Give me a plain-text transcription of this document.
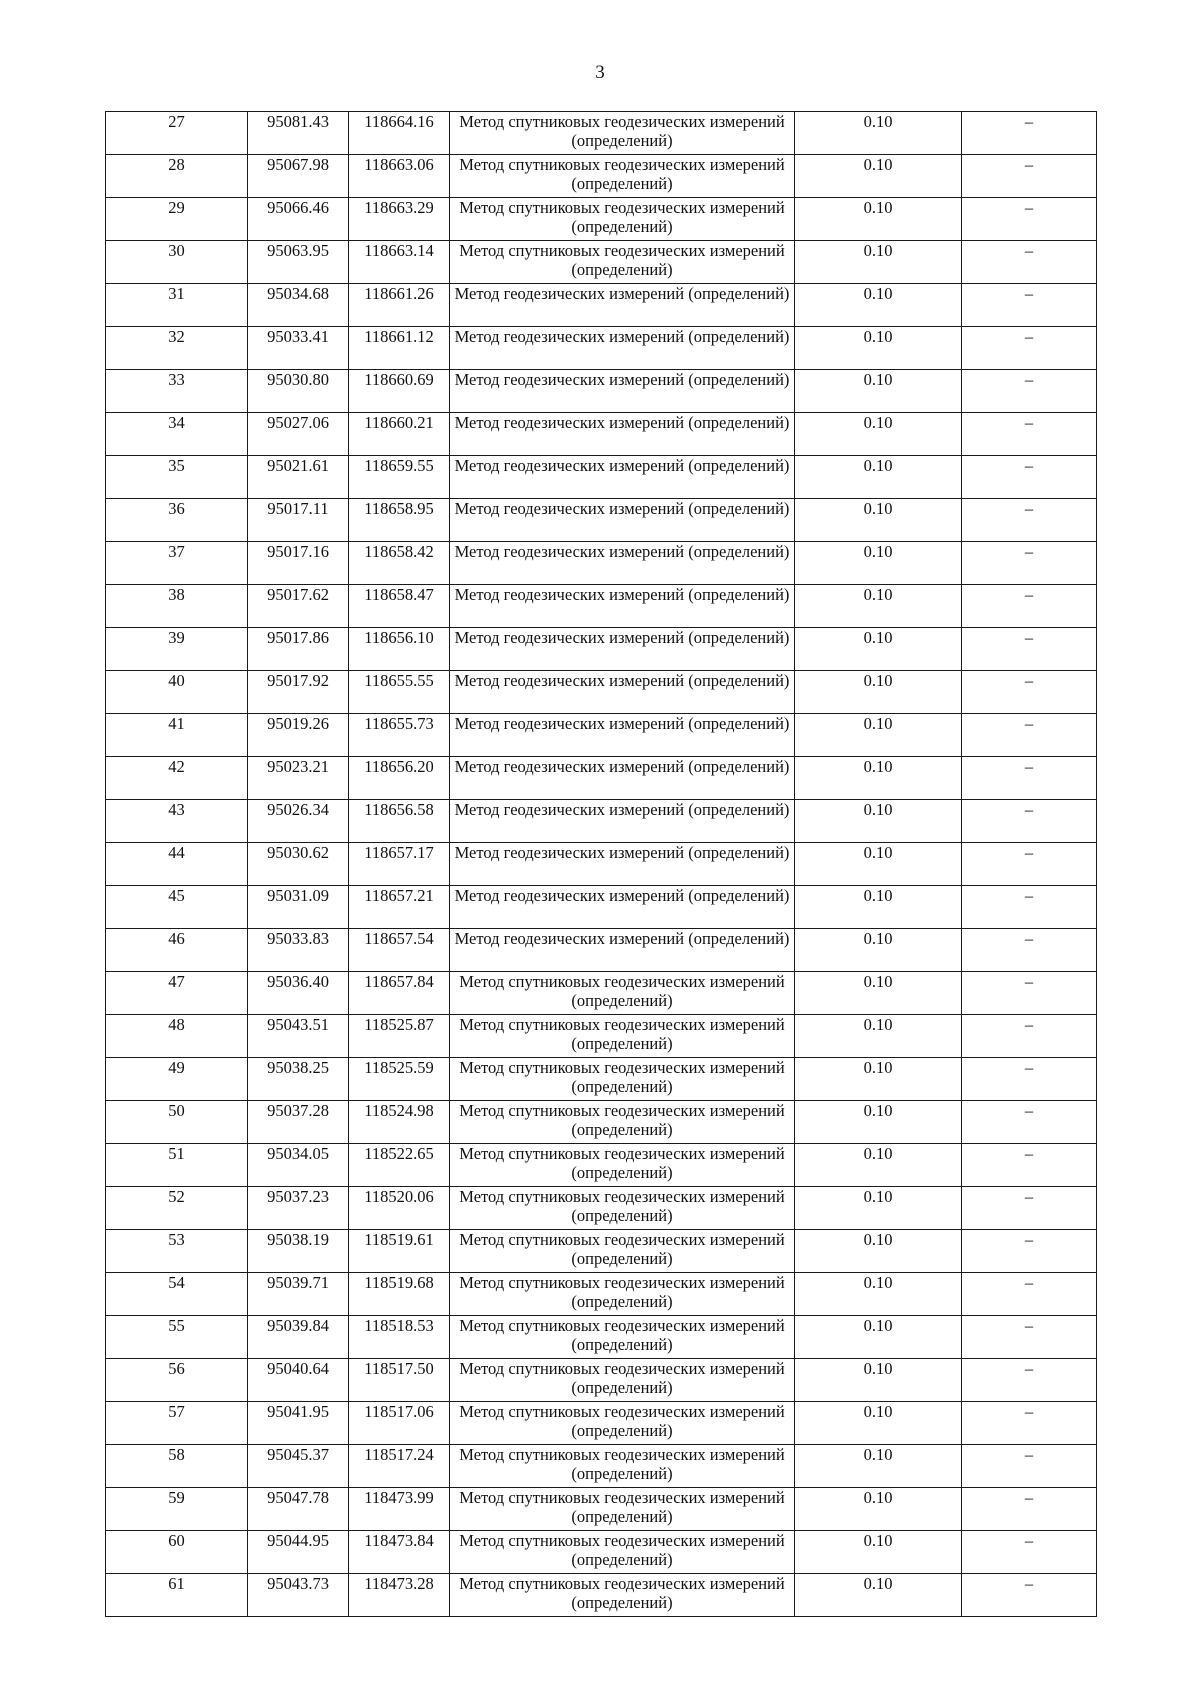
3
27	95081.43	118664.16	Метод спутниковых геодезических измерений (определений)	0.10	–
28	95067.98	118663.06	Метод спутниковых геодезических измерений (определений)	0.10	–
29	95066.46	118663.29	Метод спутниковых геодезических измерений (определений)	0.10	–
30	95063.95	118663.14	Метод спутниковых геодезических измерений (определений)	0.10	–
31	95034.68	118661.26	Метод геодезических измерений (определений)	0.10	–
32	95033.41	118661.12	Метод геодезических измерений (определений)	0.10	–
33	95030.80	118660.69	Метод геодезических измерений (определений)	0.10	–
34	95027.06	118660.21	Метод геодезических измерений (определений)	0.10	–
35	95021.61	118659.55	Метод геодезических измерений (определений)	0.10	–
36	95017.11	118658.95	Метод геодезических измерений (определений)	0.10	–
37	95017.16	118658.42	Метод геодезических измерений (определений)	0.10	–
38	95017.62	118658.47	Метод геодезических измерений (определений)	0.10	–
39	95017.86	118656.10	Метод геодезических измерений (определений)	0.10	–
40	95017.92	118655.55	Метод геодезических измерений (определений)	0.10	–
41	95019.26	118655.73	Метод геодезических измерений (определений)	0.10	–
42	95023.21	118656.20	Метод геодезических измерений (определений)	0.10	–
43	95026.34	118656.58	Метод геодезических измерений (определений)	0.10	–
44	95030.62	118657.17	Метод геодезических измерений (определений)	0.10	–
45	95031.09	118657.21	Метод геодезических измерений (определений)	0.10	–
46	95033.83	118657.54	Метод геодезических измерений (определений)	0.10	–
47	95036.40	118657.84	Метод спутниковых геодезических измерений (определений)	0.10	–
48	95043.51	118525.87	Метод спутниковых геодезических измерений (определений)	0.10	–
49	95038.25	118525.59	Метод спутниковых геодезических измерений (определений)	0.10	–
50	95037.28	118524.98	Метод спутниковых геодезических измерений (определений)	0.10	–
51	95034.05	118522.65	Метод спутниковых геодезических измерений (определений)	0.10	–
52	95037.23	118520.06	Метод спутниковых геодезических измерений (определений)	0.10	–
53	95038.19	118519.61	Метод спутниковых геодезических измерений (определений)	0.10	–
54	95039.71	118519.68	Метод спутниковых геодезических измерений (определений)	0.10	–
55	95039.84	118518.53	Метод спутниковых геодезических измерений (определений)	0.10	–
56	95040.64	118517.50	Метод спутниковых геодезических измерений (определений)	0.10	–
57	95041.95	118517.06	Метод спутниковых геодезических измерений (определений)	0.10	–
58	95045.37	118517.24	Метод спутниковых геодезических измерений (определений)	0.10	–
59	95047.78	118473.99	Метод спутниковых геодезических измерений (определений)	0.10	–
60	95044.95	118473.84	Метод спутниковых геодезических измерений (определений)	0.10	–
61	95043.73	118473.28	Метод спутниковых геодезических измерений (определений)	0.10	–
